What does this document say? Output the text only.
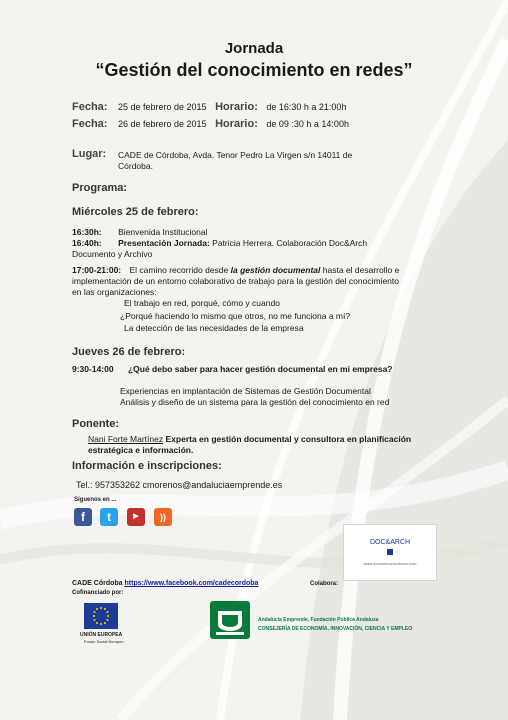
Jornada
“Gestión del conocimiento en redes”
Fecha: 25 de febrero de 2015 Horario: de 16:30 h a 21:00h
Fecha: 26 de febrero de 2015 Horario: de 09 :30 h a 14:00h
Lugar: CADE de Córdoba, Avda. Tenor Pedro La Virgen s/n 14011 de
Córdoba.
Programa:
Miércoles 25 de febrero:
16:30h: Bienvenida Institucional
16:40h: Presentación Jornada: Patricia Herrera. Colaboración Doc&Arch
Documento y Archivo
17:00-21:00: El camino recorrido desde la gestión documental hasta el desarrollo e
implementación de un entorno colaborativo de trabajo para la gestión del conocimiento
en las organizaciones:
El trabajo en red, porqué, cómo y cuando
¿Porqué haciendo lo mismo que otros, no me funciona a mí?
La detección de las necesidades de la empresa
Jueves 26 de febrero:
9:30-14:00 ¿Qué debo saber para hacer gestión documental en mi empresa?
Experiencias en implantación de Sistemas de Gestión Documental
Análisis y diseño de un sistema para la gestión del conocimiento en red
Ponente:
Nani Forte Martínez Experta en gestión documental y consultora en planificación
estratégica e información.
Información e inscripciones:
Tel.: 957353262 cmorenos@andaluciaemprende.es
Síguenos en ...
f	t	▶	))
DOC&ARCH
www.docarchconsultores.com
CADE Córdoba https://www.facebook.com/cadecordoba	Colabora:
Cofinanciado por:
UNIÓN EUROPEA
Fondo Social Europeo
Andalucía Emprende, Fundación Pública Andaluza
CONSEJERÍA DE ECONOMÍA, INNOVACIÓN, CIENCIA Y EMPLEO
